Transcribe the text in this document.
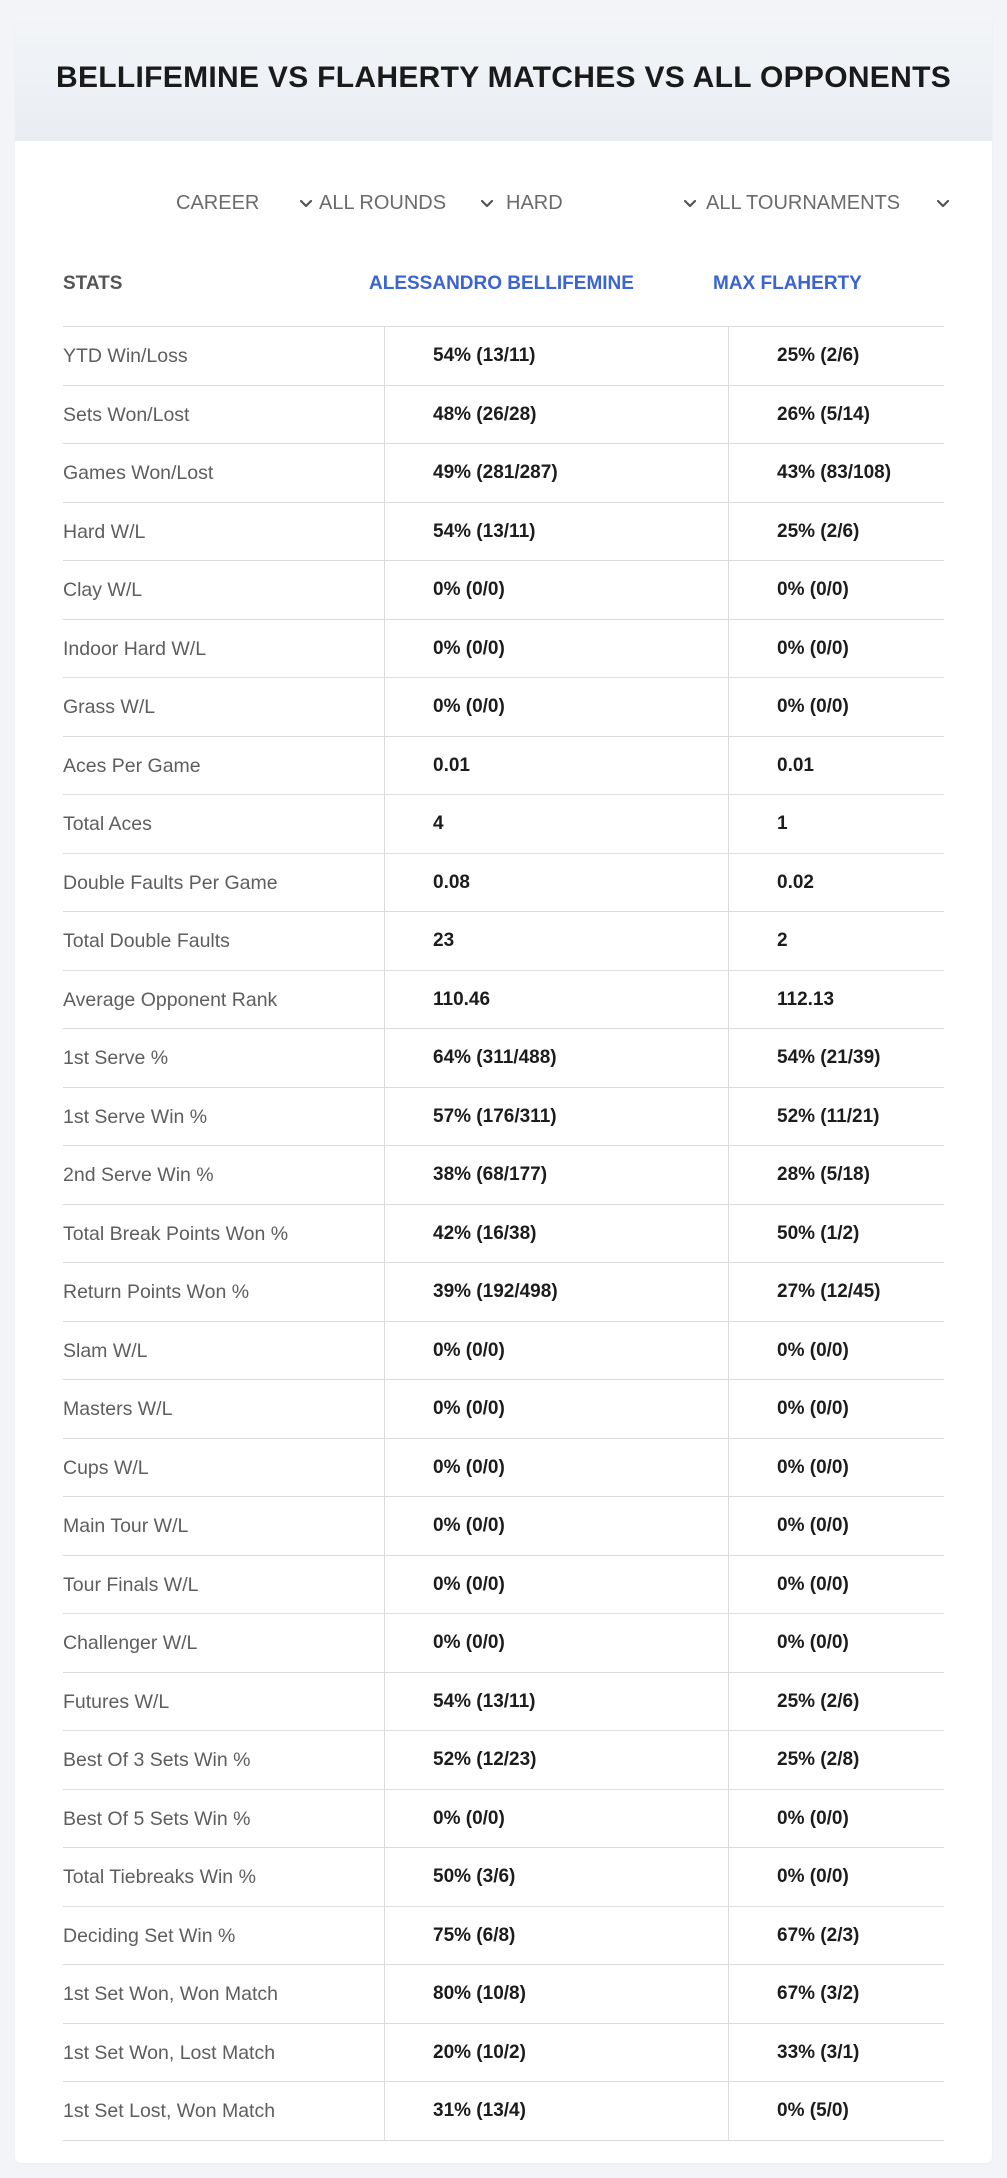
BELLIFEMINE VS FLAHERTY MATCHES VS ALL OPPONENTS
CAREER	ALL ROUNDS	HARD	ALL TOURNAMENTS
STATS	ALESSANDRO BELLIFEMINE	MAX FLAHERTY
YTD Win/Loss	54% (13/11)	25% (2/6)
Sets Won/Lost	48% (26/28)	26% (5/14)
Games Won/Lost	49% (281/287)	43% (83/108)
Hard W/L	54% (13/11)	25% (2/6)
Clay W/L	0% (0/0)	0% (0/0)
Indoor Hard W/L	0% (0/0)	0% (0/0)
Grass W/L	0% (0/0)	0% (0/0)
Aces Per Game	0.01	0.01
Total Aces	4	1
Double Faults Per Game	0.08	0.02
Total Double Faults	23	2
Average Opponent Rank	110.46	112.13
1st Serve %	64% (311/488)	54% (21/39)
1st Serve Win %	57% (176/311)	52% (11/21)
2nd Serve Win %	38% (68/177)	28% (5/18)
Total Break Points Won %	42% (16/38)	50% (1/2)
Return Points Won %	39% (192/498)	27% (12/45)
Slam W/L	0% (0/0)	0% (0/0)
Masters W/L	0% (0/0)	0% (0/0)
Cups W/L	0% (0/0)	0% (0/0)
Main Tour W/L	0% (0/0)	0% (0/0)
Tour Finals W/L	0% (0/0)	0% (0/0)
Challenger W/L	0% (0/0)	0% (0/0)
Futures W/L	54% (13/11)	25% (2/6)
Best Of 3 Sets Win %	52% (12/23)	25% (2/8)
Best Of 5 Sets Win %	0% (0/0)	0% (0/0)
Total Tiebreaks Win %	50% (3/6)	0% (0/0)
Deciding Set Win %	75% (6/8)	67% (2/3)
1st Set Won, Won Match	80% (10/8)	67% (3/2)
1st Set Won, Lost Match	20% (10/2)	33% (3/1)
1st Set Lost, Won Match	31% (13/4)	0% (5/0)
